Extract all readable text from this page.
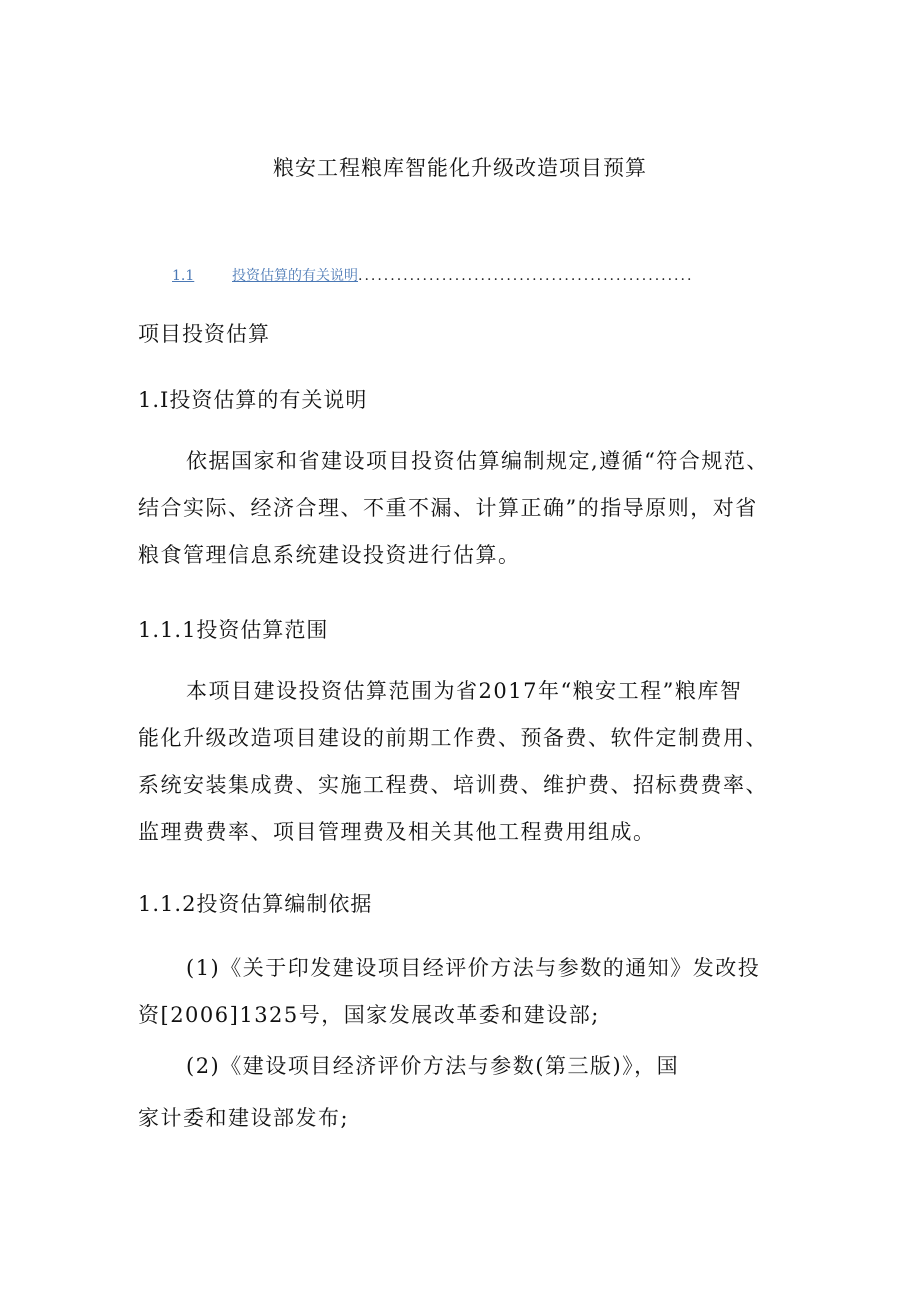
粮安工程粮库智能化升级改造项目预算
1.1	投资估算的有关说明....................................................
项目投资估算
1.I投资估算的有关说明
依据国家和省建设项目投资估算编制规定,遵循“符合规范、
结合实际、经济合理、不重不漏、计算正确”的指导原则，对省
粮食管理信息系统建设投资进行估算。
1.1.1投资估算范围
本项目建设投资估算范围为省2017年“粮安工程”粮库智
能化升级改造项目建设的前期工作费、预备费、软件定制费用、
系统安装集成费、实施工程费、培训费、维护费、招标费费率、
监理费费率、项目管理费及相关其他工程费用组成。
1.1.2投资估算编制依据
(1)《关于印发建设项目经评价方法与参数的通知》发改投
资[2006]1325号，国家发展改革委和建设部;
(2)《建设项目经济评价方法与参数(第三版)》，国
家计委和建设部发布;
